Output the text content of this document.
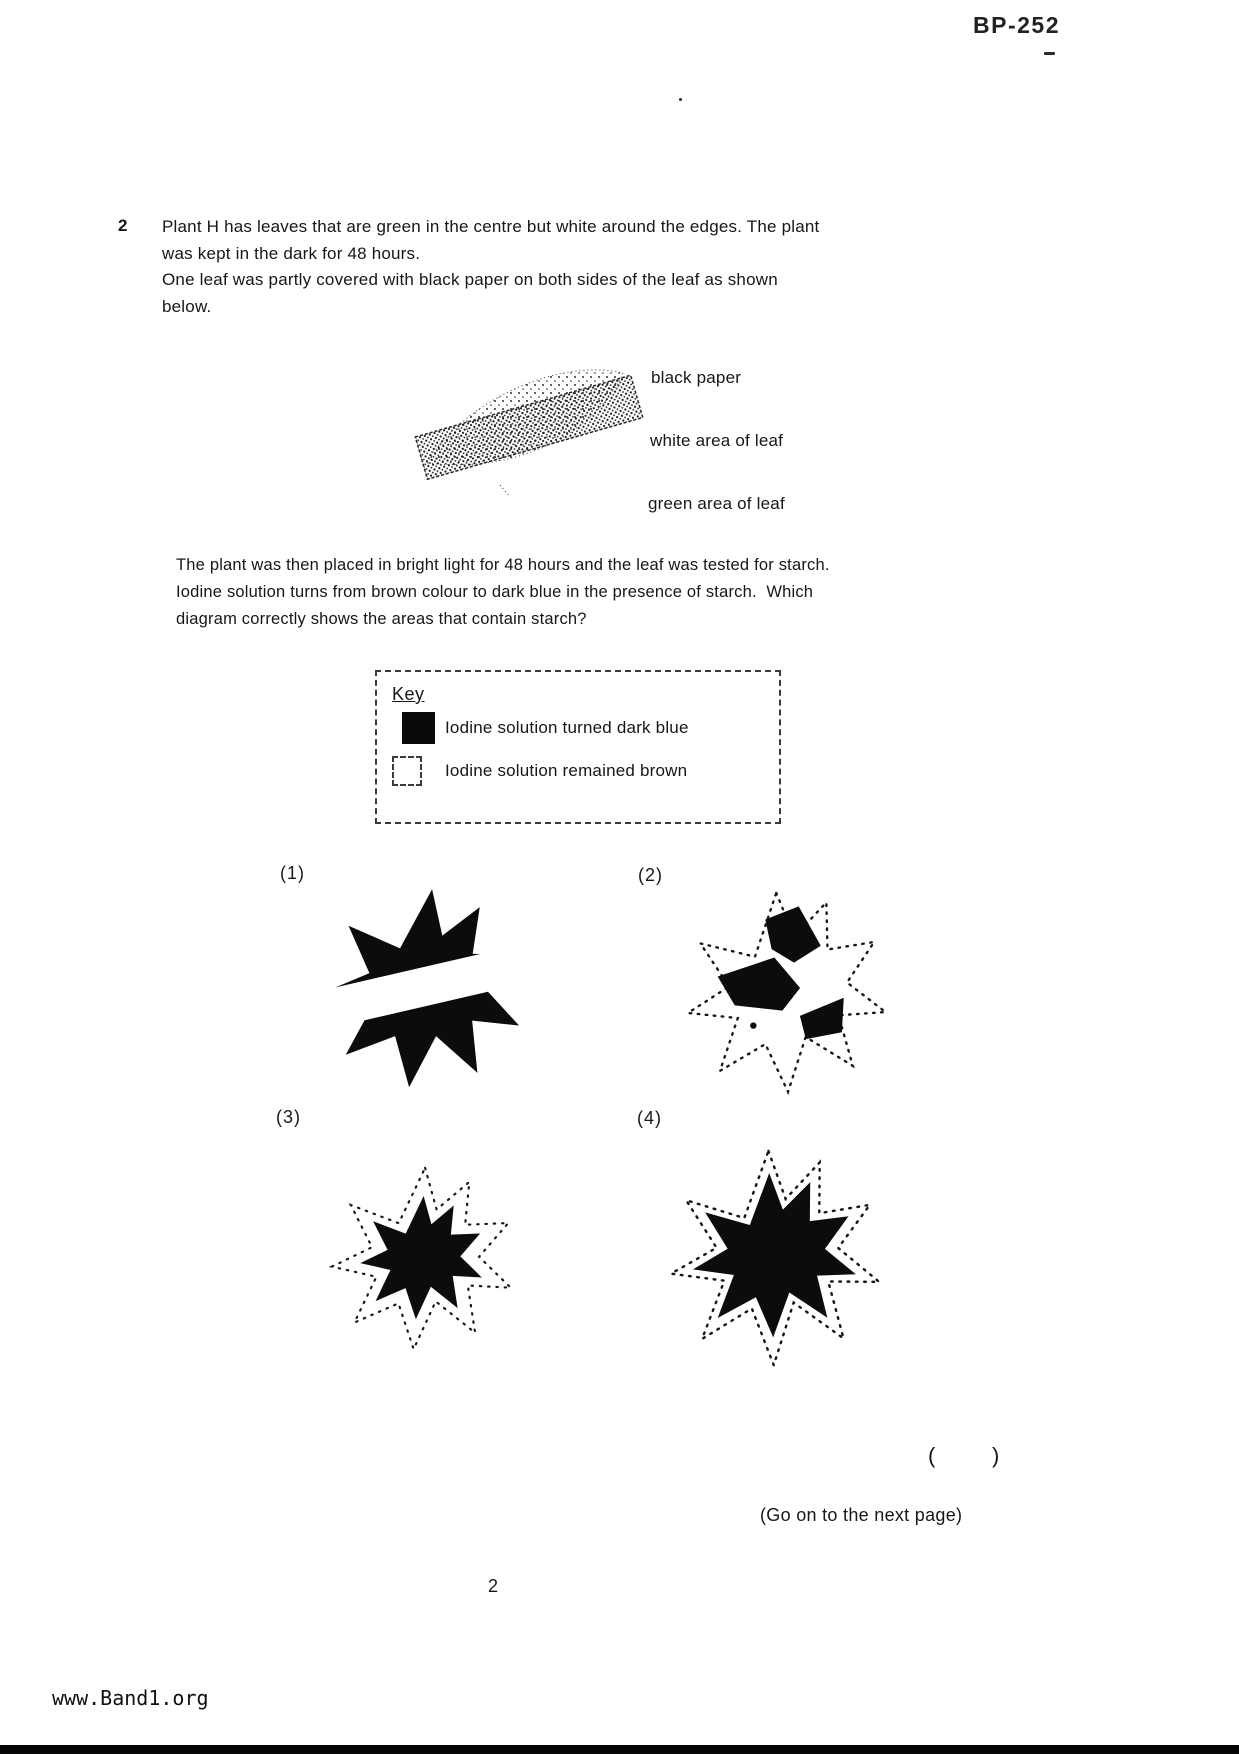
BP-252
2 Plant H has leaves that are green in the centre but white around the edges. The plant
was kept in the dark for 48 hours.
One leaf was partly covered with black paper on both sides of the leaf as shown
below.
black paper
white area of leaf
green area of leaf
The plant was then placed in bright light for 48 hours and the leaf was tested for starch.
Iodine solution turns from brown colour to dark blue in the presence of starch.  Which
diagram correctly shows the areas that contain starch?
Key
Iodine solution turned dark blue
Iodine solution remained brown
(1)	(2)
(3)	(4)
(	)
(Go on to the next page)
2
www.Band1.org
